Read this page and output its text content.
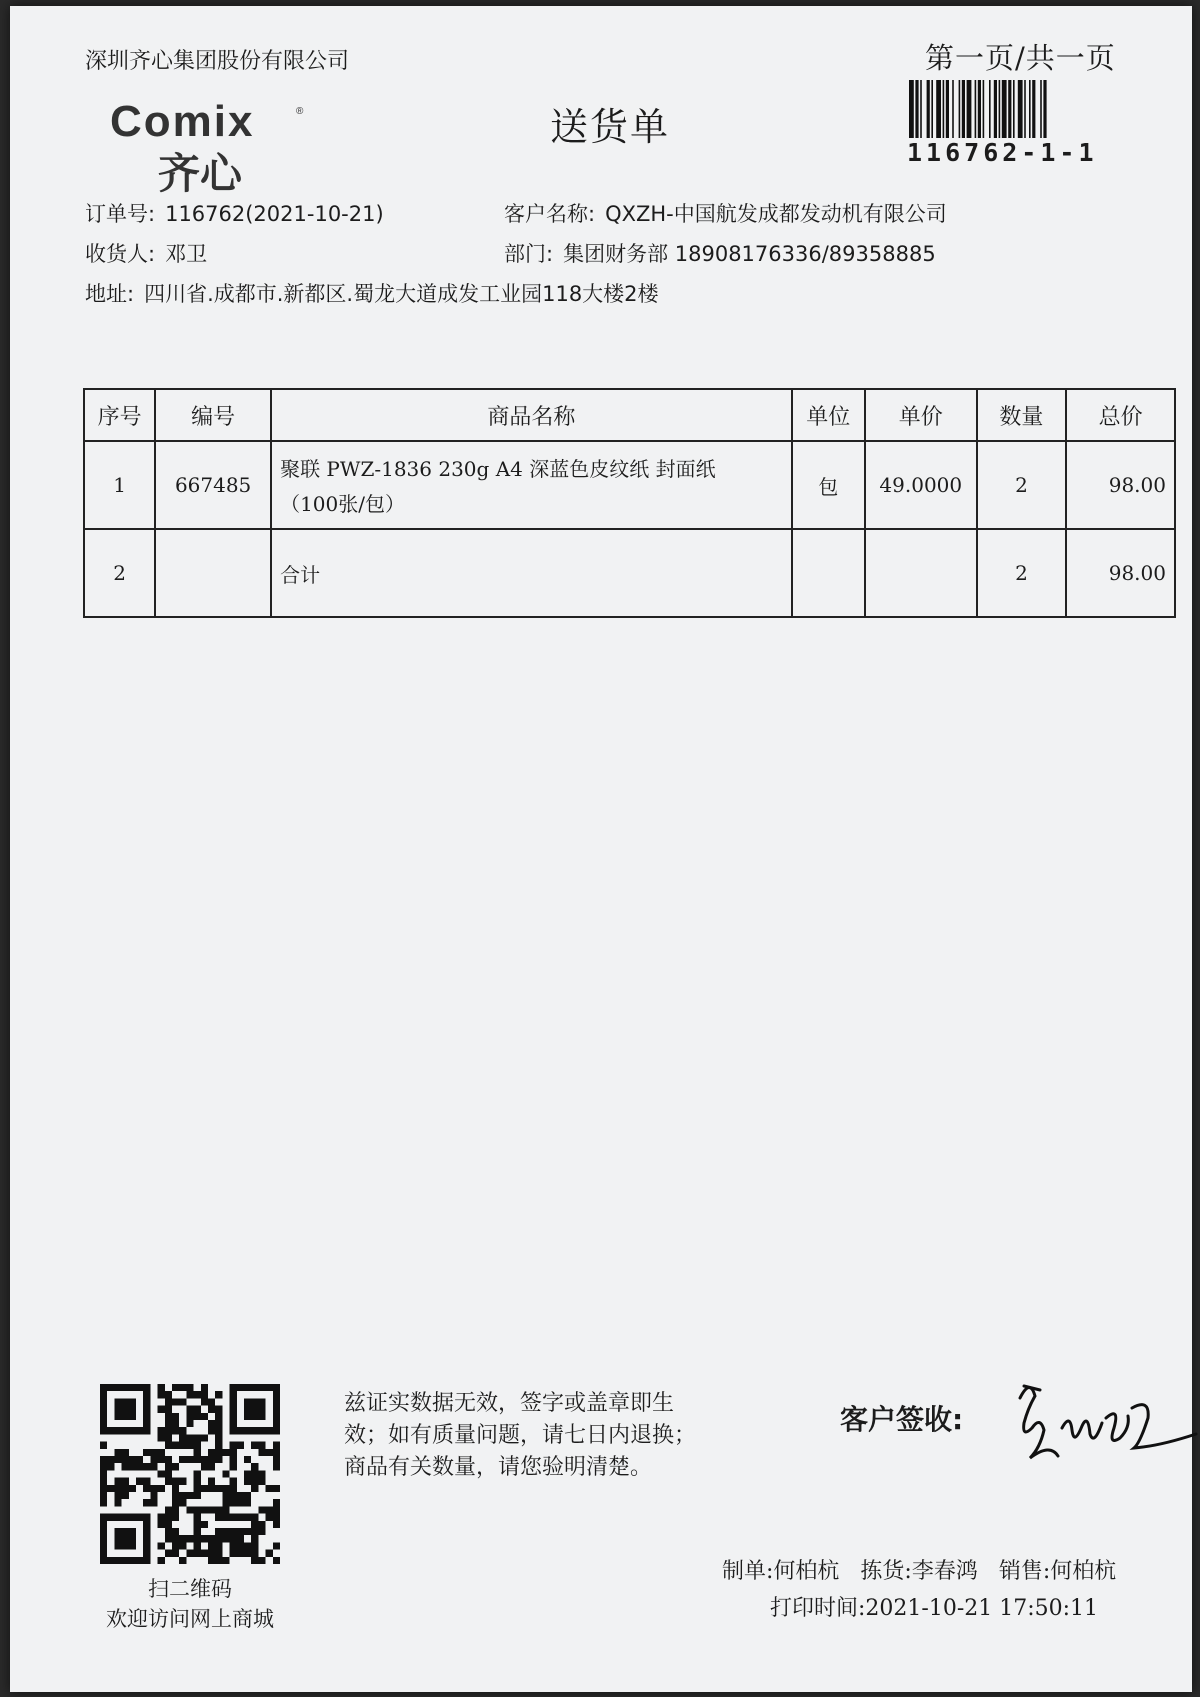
深圳齐心集团股份有限公司	第一页/共一页
Comix	®
齐心
送货单
116762-1-1
订单号: 116762(2021-10-21)	客户名称: QXZH-中国航发成都发动机有限公司
收货人: 邓卫	部门: 集团财务部 18908176336/89358885
地址: 四川省.成都市.新都区.蜀龙大道成发工业园118大楼2楼
序号	编号	商品名称	单位	单价	数量	总价
1	667485	聚联 PWZ-1836 230g A4 深蓝色皮纹纸 封面纸
（100张/包）	包	49.0000	2	98.00
2		合计			2	98.00
扫二维码
欢迎访问网上商城
兹证实数据无效，签字或盖章即生
效；如有质量问题，请七日内退换；
商品有关数量，请您验明清楚。
客户签收:
制单:何柏杭 拣货:李春鸿 销售:何柏杭
打印时间:2021-10-21 17:50:11
